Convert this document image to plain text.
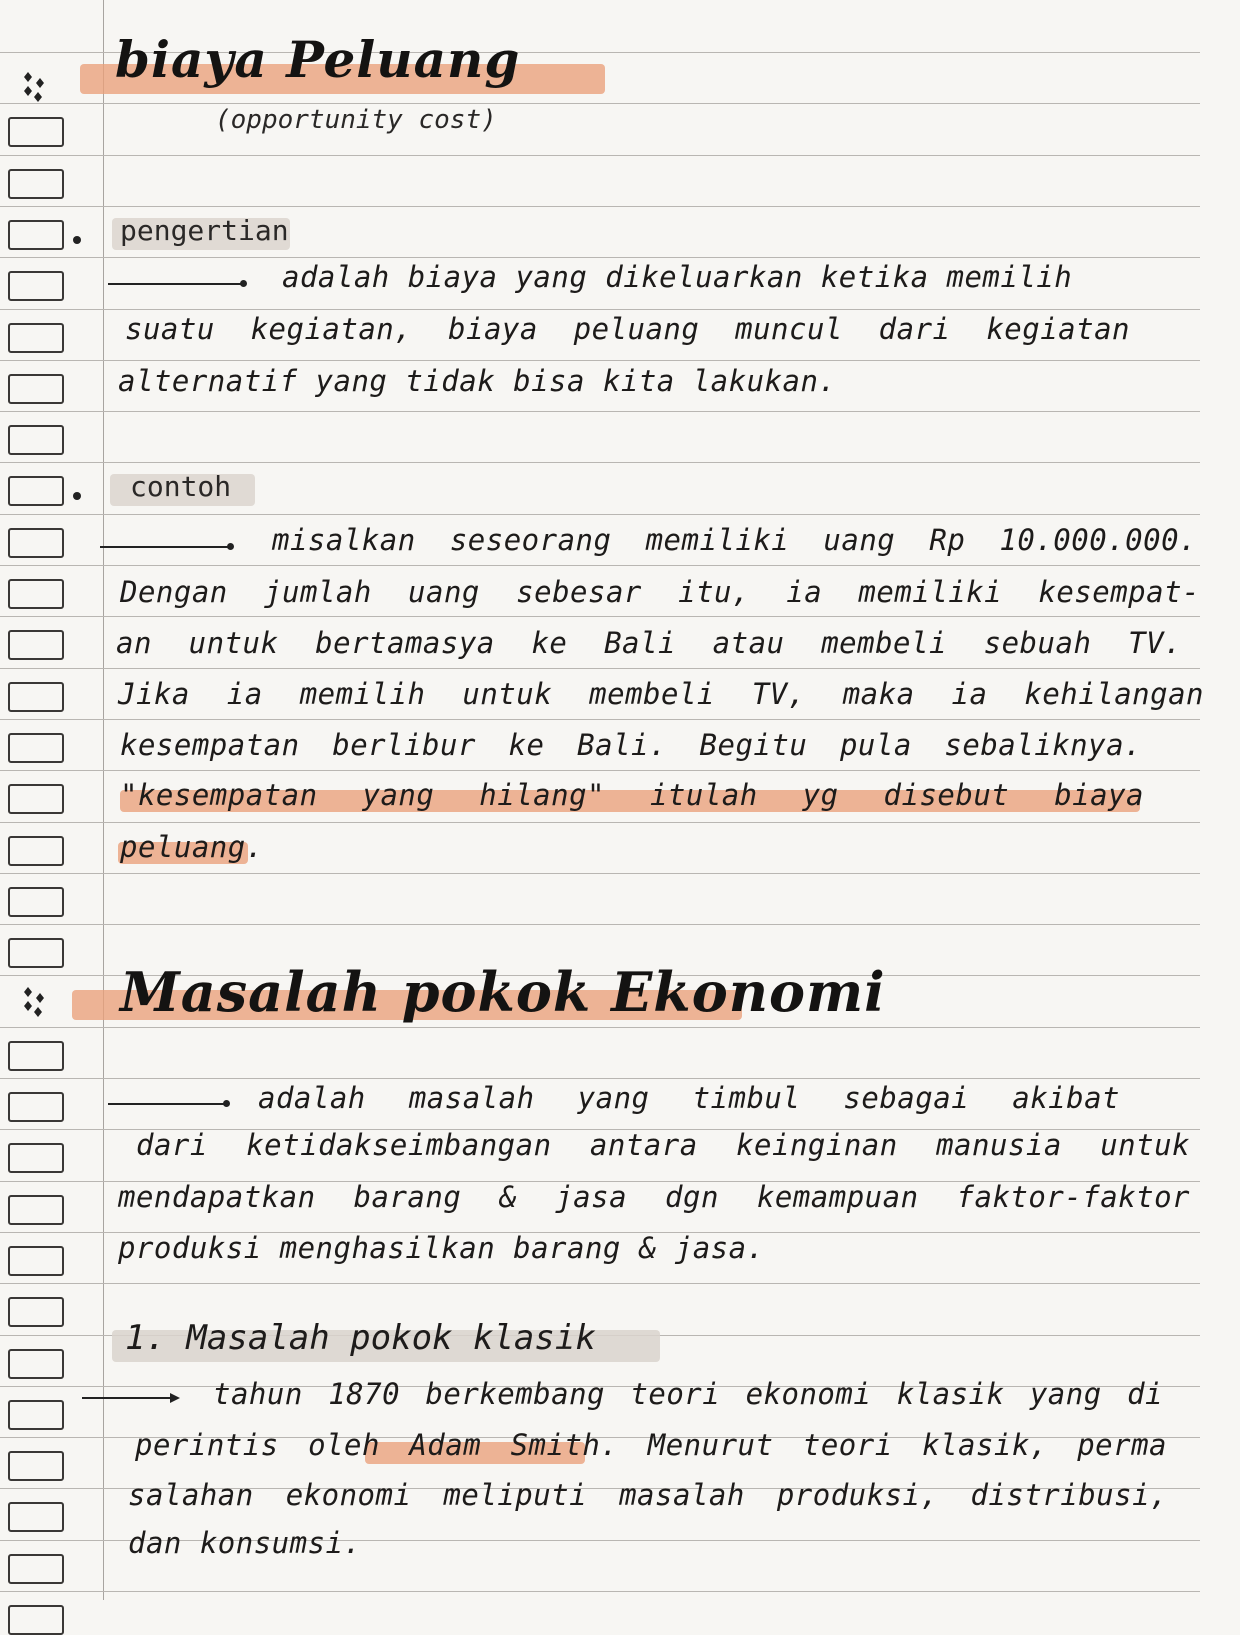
biaya Peluang
(opportunity cost)
pengertian
adalah biaya yang dikeluarkan ketika memilih
suatu kegiatan, biaya peluang muncul dari kegiatan
alternatif yang tidak bisa kita lakukan.
contoh
misalkan seseorang memiliki uang Rp 10.000.000.
Dengan jumlah uang sebesar itu, ia memiliki kesempat-
an untuk bertamasya ke Bali atau membeli sebuah TV.
Jika ia memilih untuk membeli TV, maka ia kehilangan
kesempatan berlibur ke Bali. Begitu pula sebaliknya.
"kesempatan yang hilang" itulah yg disebut biaya
peluang.
Masalah pokok Ekonomi
adalah masalah yang timbul sebagai akibat
dari ketidakseimbangan antara keinginan manusia untuk
mendapatkan barang & jasa dgn kemampuan faktor-faktor
produksi menghasilkan barang & jasa.
1. Masalah pokok klasik
tahun 1870 berkembang teori ekonomi klasik yang di
perintis oleh Adam Smith. Menurut teori klasik, perma
salahan ekonomi meliputi masalah produksi, distribusi,
dan konsumsi.
